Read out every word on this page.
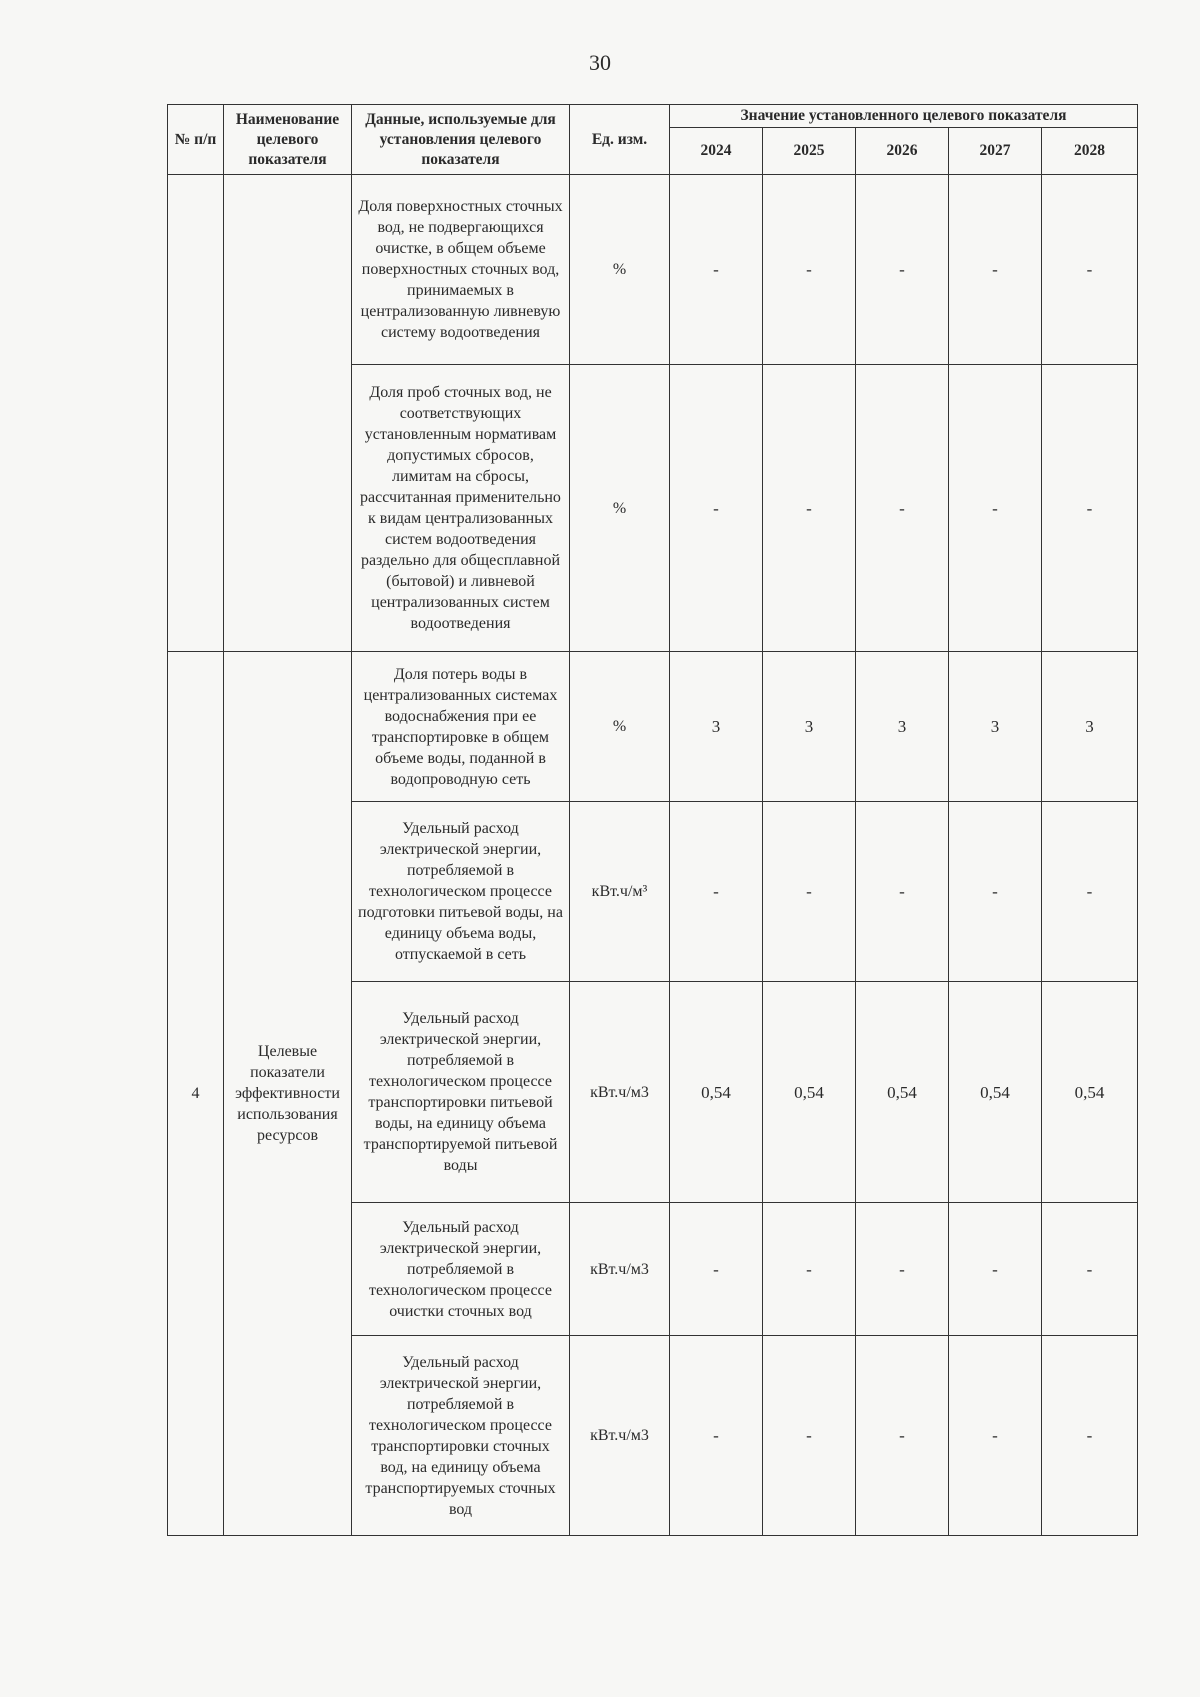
30
№ п/п	Наименование целевого показателя	Данные, используемые для установления целевого показателя	Ед. изм.	Значение установленного целевого показателя				
				2024	2025	2026	2027	2028
		Доля поверхностных сточных вод, не подвергающихся очистке, в общем объеме поверхностных сточных вод, принимаемых в централизованную ливневую систему водоотведения	%	-	-	-	-	-
		Доля проб сточных вод, не соответствующих установленным нормативам допустимых сбросов, лимитам на сбросы, рассчитанная применительно к видам централизованных систем водоотведения раздельно для общесплавной (бытовой) и ливневой централизованных систем водоотведения	%	-	-	-	-	-
4	Целевые показатели эффективности использования ресурсов	Доля потерь воды в централизованных системах водоснабжения при ее транспортировке в общем объеме воды, поданной в водопроводную сеть	%	3	3	3	3	3
		Удельный расход электрической энергии, потребляемой в технологическом процессе подготовки питьевой воды, на единицу объема воды, отпускаемой в сеть	кВт.ч/м³	-	-	-	-	-
		Удельный расход электрической энергии, потребляемой в технологическом процессе транспортировки питьевой воды, на единицу объема транспортируемой питьевой воды	кВт.ч/м3	0,54	0,54	0,54	0,54	0,54
		Удельный расход электрической энергии, потребляемой в технологическом процессе очистки сточных вод	кВт.ч/м3	-	-	-	-	-
		Удельный расход электрической энергии, потребляемой в технологическом процессе транспортировки сточных вод, на единицу объема транспортируемых сточных вод	кВт.ч/м3	-	-	-	-	-
